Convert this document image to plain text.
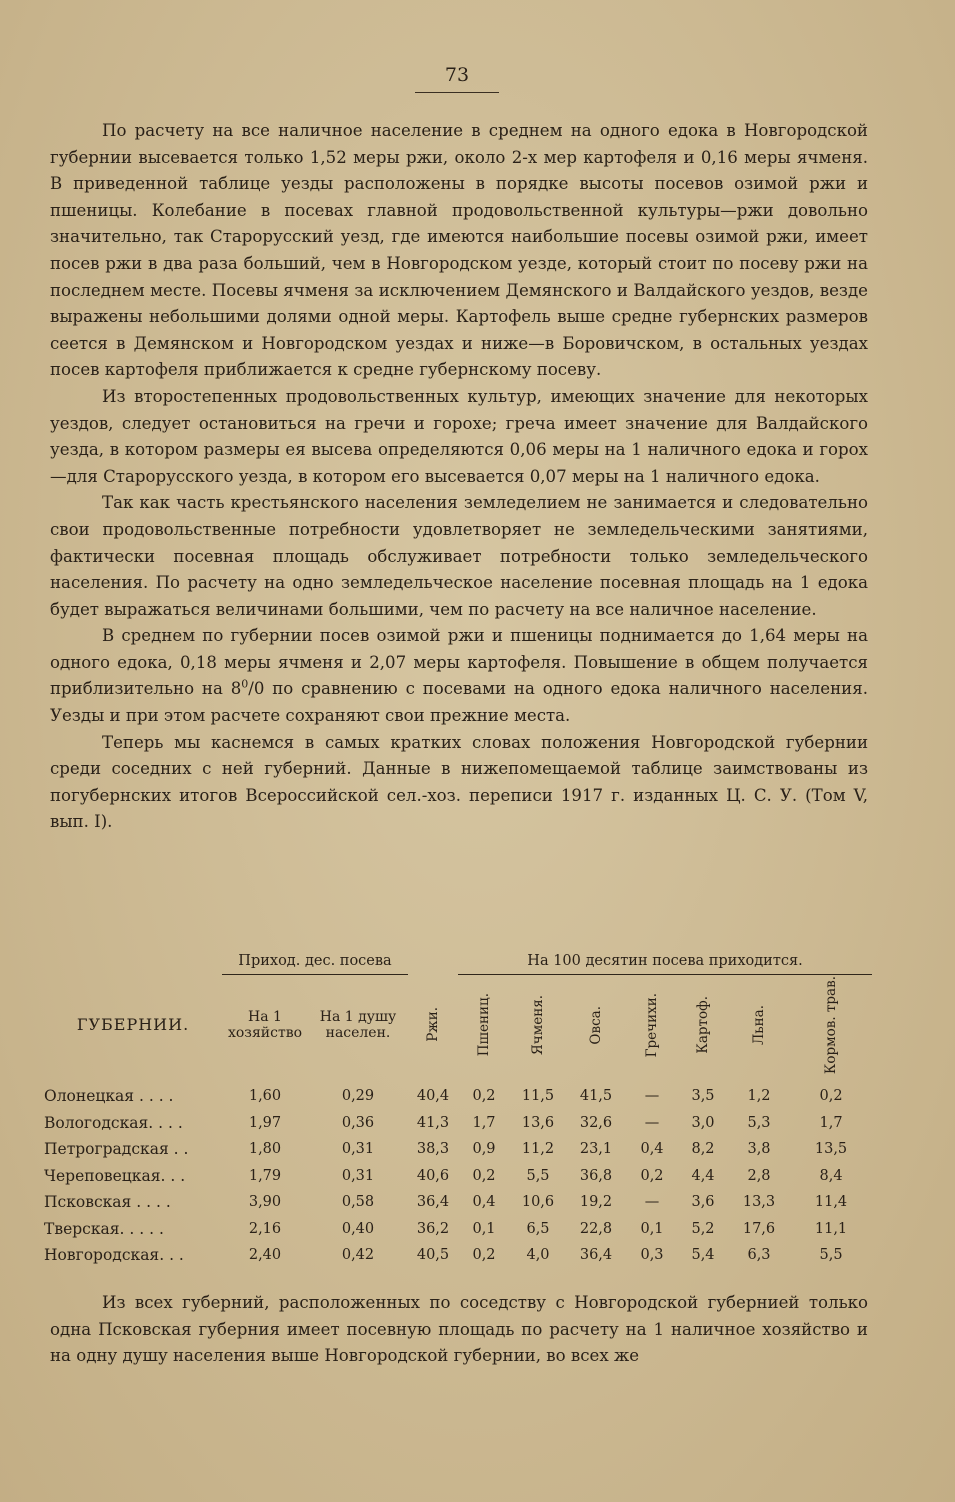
73

По расчету на все наличное население в среднем на одного едока в Новгородской губернии высевается только 1,52 меры ржи, около 2-х мер картофеля и 0,16 меры ячменя. В приведенной таблице уезды расположены в порядке высоты посевов озимой ржи и пшеницы. Колебание в посевах главной продовольственной культуры—ржи довольно значительно, так Старорусский уезд, где имеются наибольшие посевы озимой ржи, имеет посев ржи в два раза больший, чем в Новгородском уезде, который стоит по посеву ржи на последнем месте. Посевы ячменя за исключением Демянского и Валдайского уездов, везде выражены небольшими долями одной меры. Картофель выше средне губернских размеров сеется в Демянском и Новгородском уездах и ниже—в Боровичском, в остальных уездах посев картофеля приближается к средне губернскому посеву.

Из второстепенных продовольственных культур, имеющих значение для некоторых уездов, следует остановиться на гречи и горохе; греча имеет значение для Валдайского уезда, в котором размеры ея высева определяются 0,06 меры на 1 наличного едока и горох—для Старорусского уезда, в котором его высевается 0,07 меры на 1 наличного едока.

Так как часть крестьянского населения земледелием не занимается и следовательно свои продовольственные потребности удовлетворяет не земледельческими занятиями, фактически посевная площадь обслуживает потребности только земледельческого населения. По расчету на одно земледельческое население посевная площадь на 1 едока будет выражаться величинами большими, чем по расчету на все наличное население.

В среднем по губернии посев озимой ржи и пшеницы поднимается до 1,64 меры на одного едока, 0,18 меры ячменя и 2,07 меры картофеля. Повышение в общем получается приблизительно на $8^0/0$ по сравнению с посевами на одного едока наличного населения. Уезды и при этом расчете сохраняют свои прежние места.

Теперь мы каснемся в самых кратких словах положения Новгородской губернии среди соседних с ней губерний. Данные в нижепомещаемой таблице заимствованы из погубернских итогов Всероссийской сел.-хоз. переписи 1917 г. изданных Ц. С. У. (Том V, вып. I).

	Приход. дес. посева			На 100 десятин посева приходится.						
ГУБЕРНИИ.	На 1 хозяйство	На 1 душу населен.	Ржи.	Пшениц.	Ячменя.	Овса.	Гречихи.	Картоф.	Льна.	Кормов. трав.

Олонецкая . . . .	1,60	0,29	40,4	0,2	11,5	41,5	—	3,5	1,2	0,2
Вологодская. . . .	1,97	0,36	41,3	1,7	13,6	32,6	—	3,0	5,3	1,7
Петроградская . .	1,80	0,31	38,3	0,9	11,2	23,1	0,4	8,2	3,8	13,5
Череповецкая. . .	1,79	0,31	40,6	0,2	5,5	36,8	0,2	4,4	2,8	8,4
Псковская . . . .	3,90	0,58	36,4	0,4	10,6	19,2	—	3,6	13,3	11,4
Тверская. . . . .	2,16	0,40	36,2	0,1	6,5	22,8	0,1	5,2	17,6	11,1
Новгородская. . .	2,40	0,42	40,5	0,2	4,0	36,4	0,3	5,4	6,3	5,5

Из всех губерний, расположенных по соседству с Новгородской губернией только одна Псковская губерния имеет посевную площадь по расчету на 1 наличное хозяйство и на одну душу населения выше Новгородской губернии, во всех же
